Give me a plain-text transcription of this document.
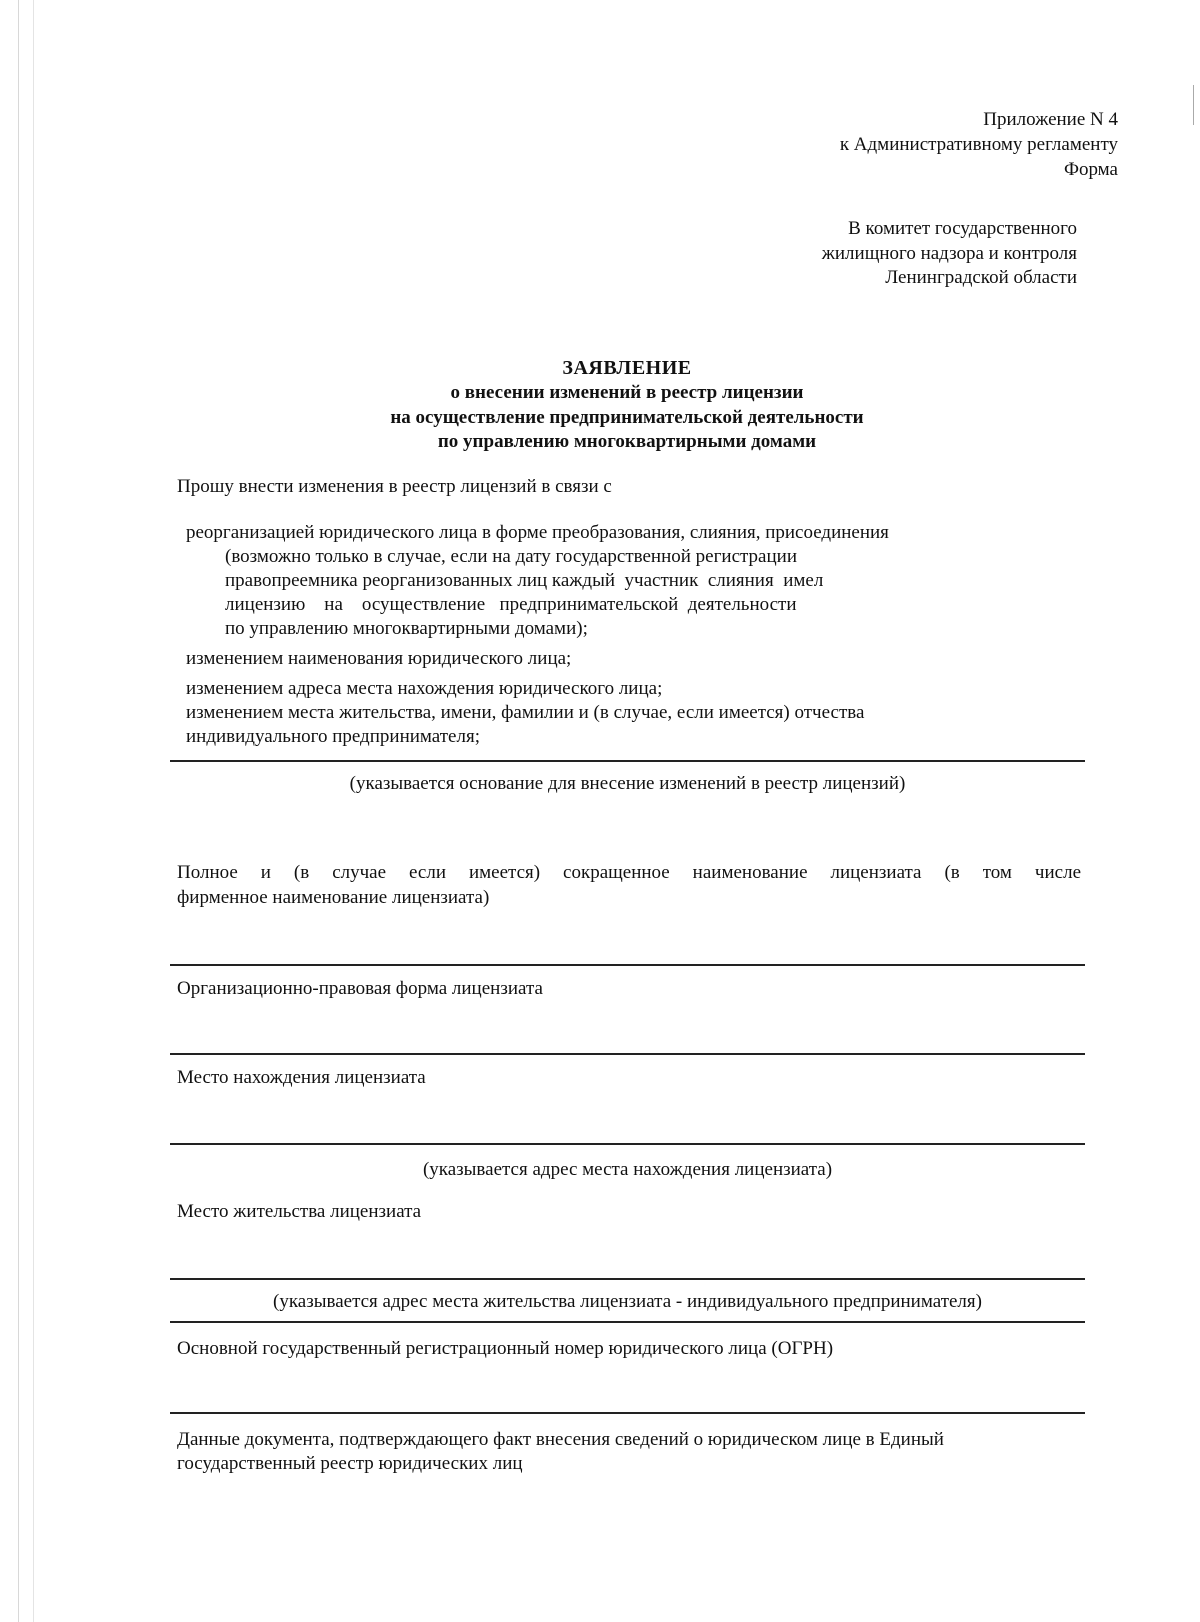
Приложение N 4
к Административному регламенту
Форма
В комитет государственного
жилищного надзора и контроля
Ленинградской области
ЗАЯВЛЕНИЕ
о внесении изменений в реестр лицензии
на осуществление предпринимательской деятельности
по управлению многоквартирными домами
Прошу внести изменения в реестр лицензий в связи с
реорганизацией юридического лица в форме преобразования, слияния, присоединения
(возможно только в случае, если на дату государственной регистрации
правопреемника реорганизованных лиц каждый  участник  слияния  имел
лицензию    на    осуществление   предпринимательской  деятельности
по управлению многоквартирными домами);
изменением наименования юридического лица;
изменением адреса места нахождения юридического лица;
изменением места жительства, имени, фамилии и (в случае, если имеется) отчества
индивидуального предпринимателя;
(указывается основание для внесение изменений в реестр лицензий)
Полное и (в случае если имеется) сокращенное наименование лицензиата (в том числе
фирменное наименование лицензиата)
Организационно-правовая форма лицензиата
Место нахождения лицензиата
(указывается адрес места нахождения лицензиата)
Место жительства лицензиата
(указывается адрес места жительства лицензиата - индивидуального предпринимателя)
Основной государственный регистрационный номер юридического лица (ОГРН)
Данные документа, подтверждающего факт внесения сведений о юридическом лице в Единый
государственный реестр юридических лиц
